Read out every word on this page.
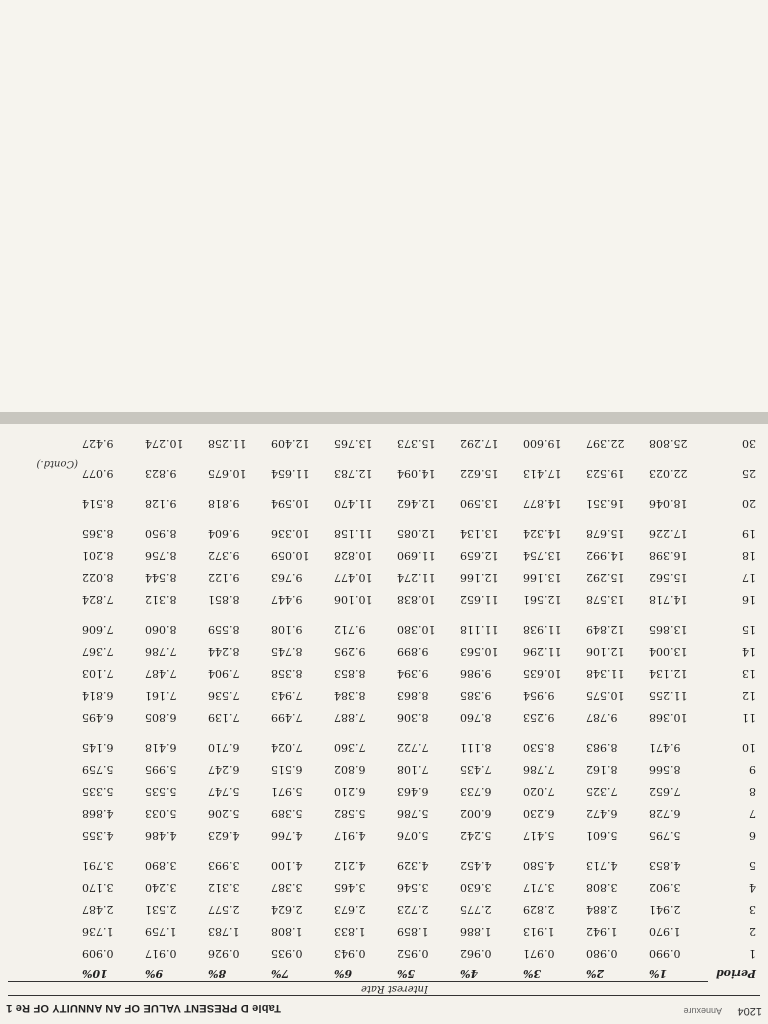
1204
Annexure
Table D PRESENT VALUE OF AN ANNUITY OF Re 1
Interest Rate
Period
1%
2%
3%
4%
5%
6%
7%
8%
9%
10%
1
0.990
0.980
0.971
0.962
0.952
0.943
0.935
0.926
0.917
0.909
2
1.970
1.942
1.913
1.886
1.859
1.833
1.808
1.783
1.759
1.736
3
2.941
2.884
2.829
2.775
2.723
2.673
2.624
2.577
2.531
2.487
4
3.902
3.808
3.717
3.630
3.546
3.465
3.387
3.312
3.240
3.170
5
4.853
4.713
4.580
4.452
4.329
4.212
4.100
3.993
3.890
3.791
6
5.795
5.601
5.417
5.242
5.076
4.917
4.766
4.623
4.486
4.355
7
6.728
6.472
6.230
6.002
5.786
5.582
5.389
5.206
5.033
4.868
8
7.652
7.325
7.020
6.733
6.463
6.210
5.971
5.747
5.535
5.335
9
8.566
8.162
7.786
7.435
7.108
6.802
6.515
6.247
5.995
5.759
10
9.471
8.983
8.530
8.111
7.722
7.360
7.024
6.710
6.418
6.145
11
10.368
9.787
9.253
8.760
8.306
7.887
7.499
7.139
6.805
6.495
12
11.255
10.575
9.954
9.385
8.863
8.384
7.943
7.536
7.161
6.814
13
12.134
11.348
10.635
9.986
9.394
8.853
8.358
7.904
7.487
7.103
14
13.004
12.106
11.296
10.563
9.899
9.295
8.745
8.244
7.786
7.367
15
13.865
12.849
11.938
11.118
10.380
9.712
9.108
8.559
8.060
7.606
16
14.718
13.578
12.561
11.652
10.838
10.106
9.447
8.851
8.312
7.824
17
15.562
15.292
13.166
12.166
11.274
10.477
9.763
9.122
8.544
8.022
18
16.398
14.992
13.754
12.659
11.690
10.828
10.059
9.372
8.756
8.201
19
17.226
15.678
14.324
13.134
12.085
11.158
10.336
9.604
8.950
8.365
20
18.046
16.351
14.877
13.590
12.462
11.470
10.594
9.818
9.128
8.514
25
22.023
19.523
17.413
15.622
14.094
12.783
11.654
10.675
9.823
9.077
30
25.808
22.397
19.600
17.292
15.373
13.765
12.409
11.258
10.274
9.427
(Contd.)
